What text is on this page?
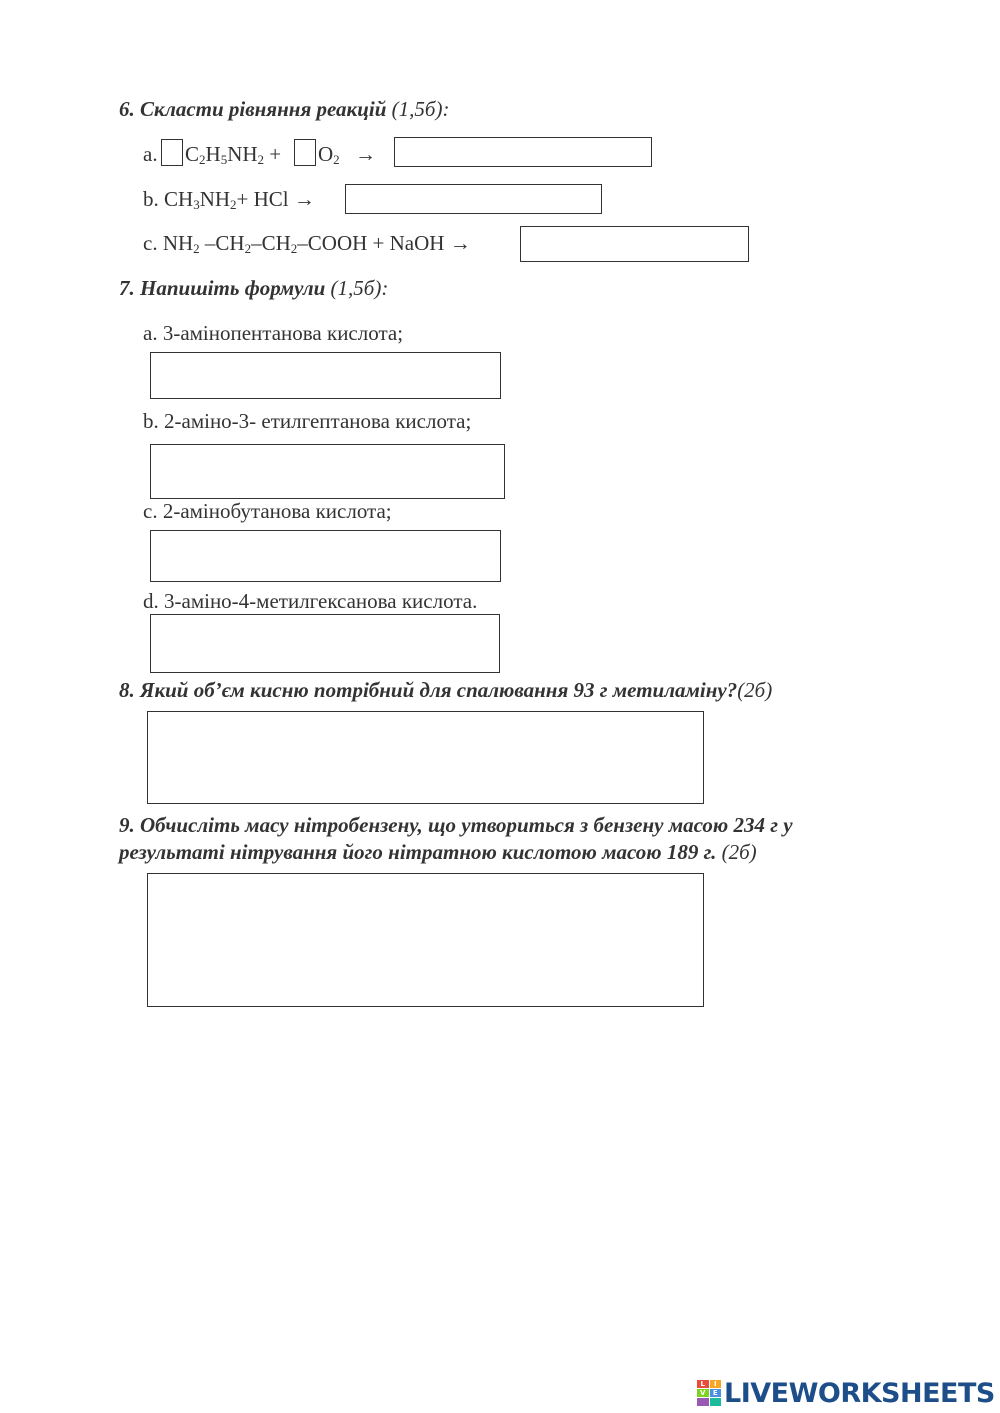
6. Скласти рівняння реакцій (1,5б):
a. $C_2H_5NH_2 + O_2$ →
b. $CH_3NH_2+$ HCl →
c. $NH_2$ $-CH_2-CH_2$–COOH + NaOH →
7. Напишіть формули (1,5б):
a. 3-амінопентанова кислота;
b. 2-аміно-3- етилгептанова кислота;
c. 2-амінобутанова кислота;
d. 3-аміно-4-метилгексанова кислота.
8. Який об’єм кисню потрібний для спалювання 93 г метиламіну?(2б)
9. Обчисліть масу нітробензену, що утвориться з бензену масою 234 г у
результаті нітрування його нітратною кислотою масою 189 г. (2б)
L	I
V	E LIVEWORKSHEETS
